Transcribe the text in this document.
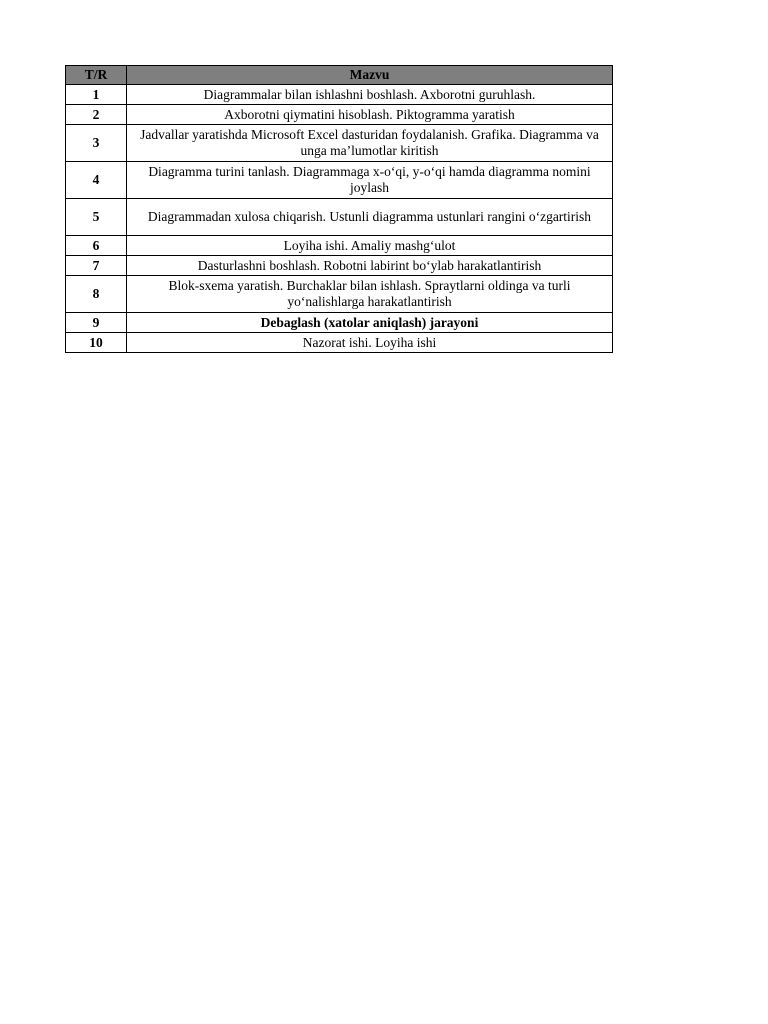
T/R	Mazvu
1	Diagrammalar bilan ishlashni boshlash. Axborotni guruhlash.
2	Axborotni qiymatini hisoblash. Piktogramma yaratish
3	Jadvallar yaratishda Microsoft Excel dasturidan foydalanish. Grafika. Diagramma va unga ma’lumotlar kiritish
4	Diagramma turini tanlash. Diagrammaga x-o‘qi, y-o‘qi hamda diagramma nomini joylash
5	Diagrammadan xulosa chiqarish. Ustunli diagramma ustunlari rangini o‘zgartirish
6	Loyiha ishi. Amaliy mashg‘ulot
7	Dasturlashni boshlash. Robotni labirint bo‘ylab harakatlantirish
8	Blok-sxema yaratish. Burchaklar bilan ishlash. Spraytlarni oldinga va turli yo‘nalishlarga harakatlantirish
9	Debaglash (xatolar aniqlash) jarayoni
10	Nazorat ishi. Loyiha ishi
